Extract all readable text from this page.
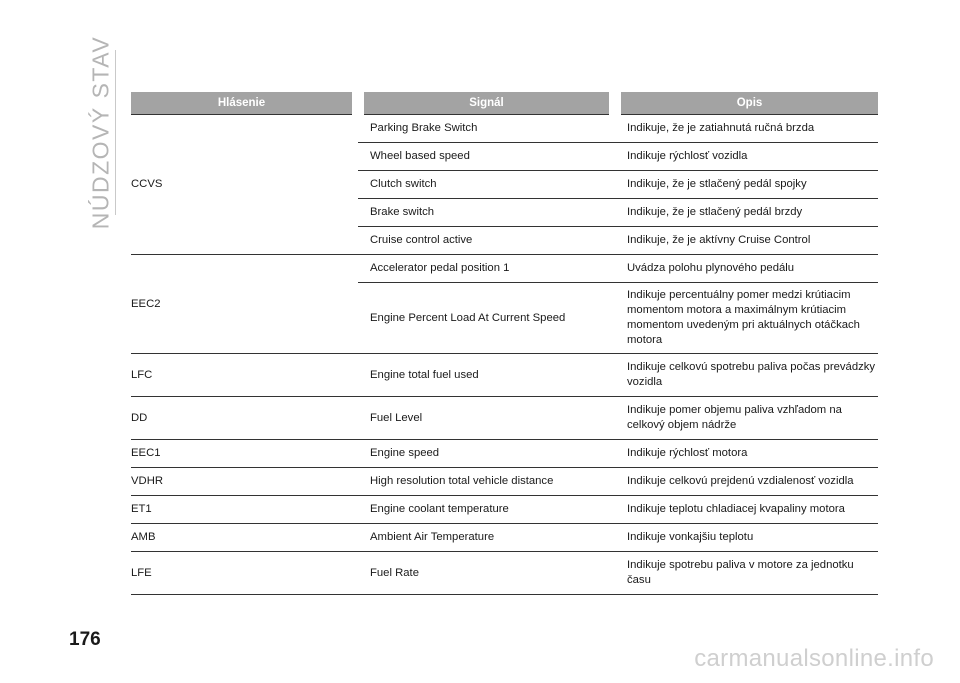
NÚDZOVÝ STAV	Hlásenie	Signál	Opis
CCVS	Parking Brake Switch	Indikuje, že je zatiahnutá ručná brzda
	Wheel based speed	Indikuje rýchlosť vozidla
	Clutch switch	Indikuje, že je stlačený pedál spojky
	Brake switch	Indikuje, že je stlačený pedál brzdy
	Cruise control active	Indikuje, že je aktívny Cruise Control
EEC2	Accelerator pedal position 1	Uvádza polohu plynového pedálu
	Engine Percent Load At Current Speed	Indikuje percentuálny pomer medzi krútiacim momentom motora a maximálnym krútiacim momentom uvedeným pri aktuálnych otáčkach motora
LFC	Engine total fuel used	Indikuje celkovú spotrebu paliva počas prevádzky vozidla
DD	Fuel Level	Indikuje pomer objemu paliva vzhľadom na celkový objem nádrže
EEC1	Engine speed	Indikuje rýchlosť motora
VDHR	High resolution total vehicle distance	Indikuje celkovú prejdenú vzdialenosť vozidla
ET1	Engine coolant temperature	Indikuje teplotu chladiacej kvapaliny motora
AMB	Ambient Air Temperature	Indikuje vonkajšiu teplotu
LFE	Fuel Rate	Indikuje spotrebu paliva v motore za jednotku času
176
carmanualsonline.info
